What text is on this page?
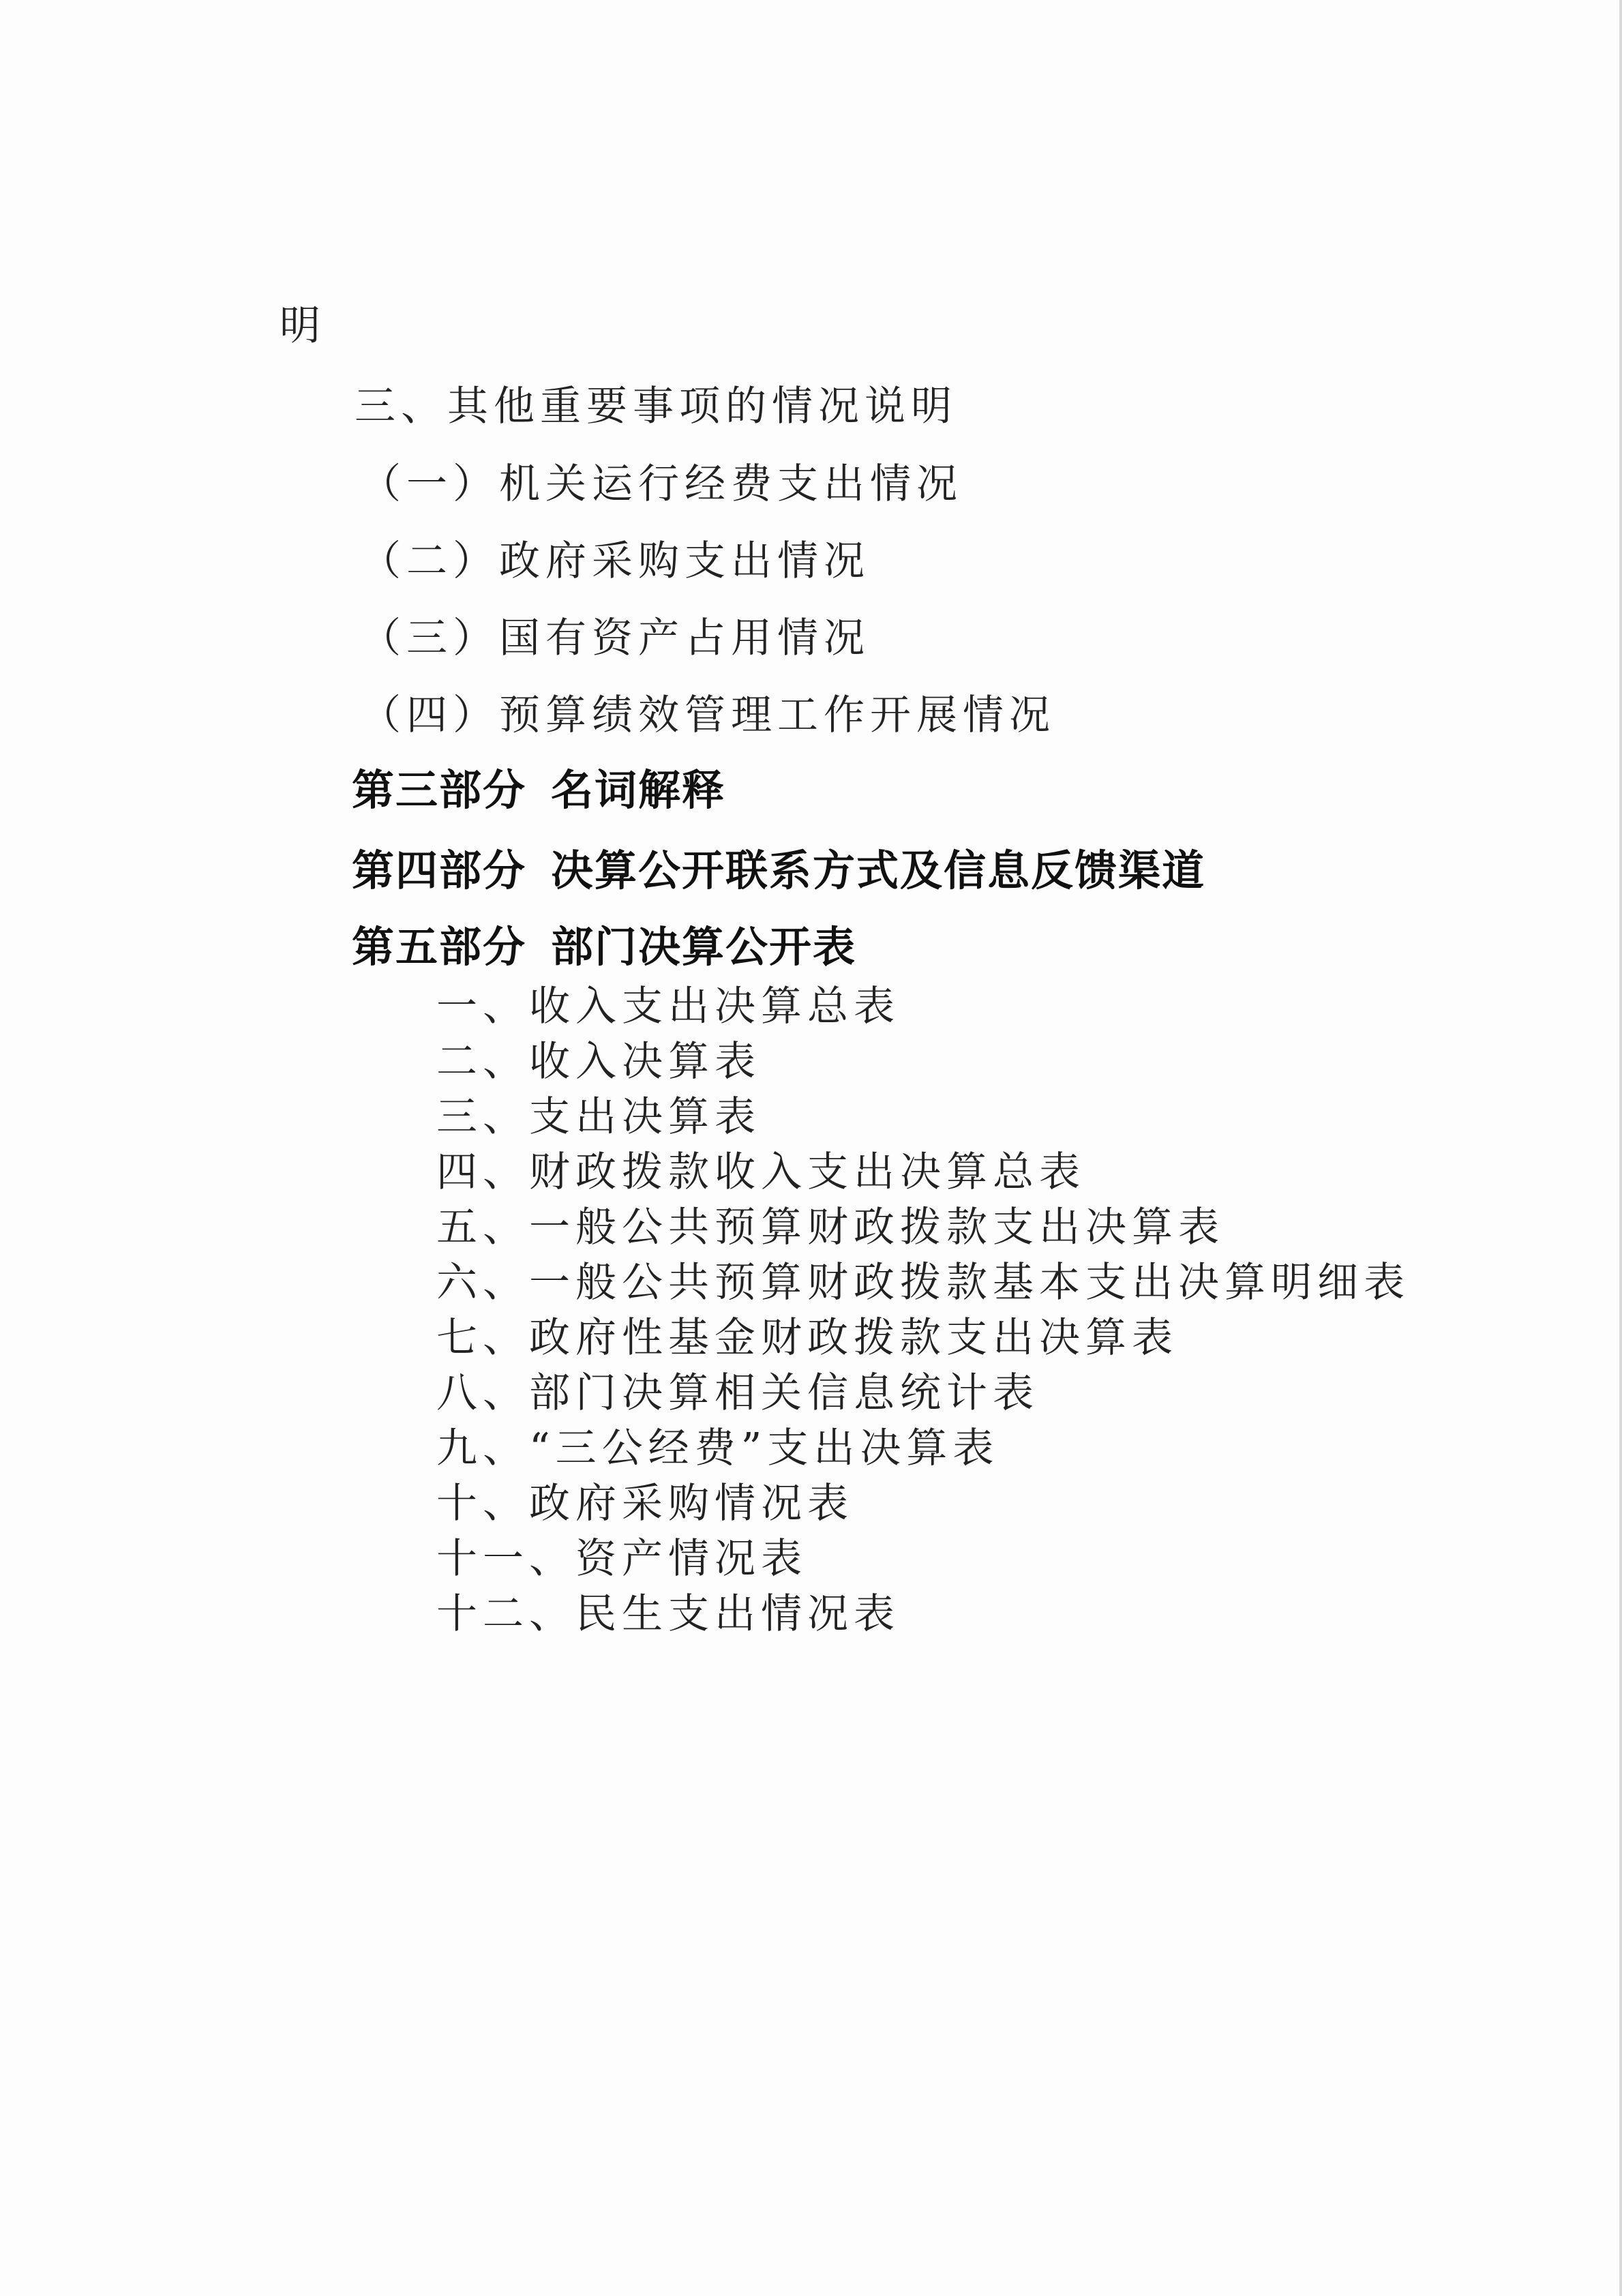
明
三、其他重要事项的情况说明
（一）机关运行经费支出情况
（二）政府采购支出情况
（三）国有资产占用情况
（四）预算绩效管理工作开展情况
第三部分 名词解释
第四部分 决算公开联系方式及信息反馈渠道
第五部分 部门决算公开表
一、收入支出决算总表
二、收入决算表
三、支出决算表
四、财政拨款收入支出决算总表
五、一般公共预算财政拨款支出决算表
六、一般公共预算财政拨款基本支出决算明细表
七、政府性基金财政拨款支出决算表
八、部门决算相关信息统计表
九、“三公经费”支出决算表
十、政府采购情况表
十一、资产情况表
十二、民生支出情况表
